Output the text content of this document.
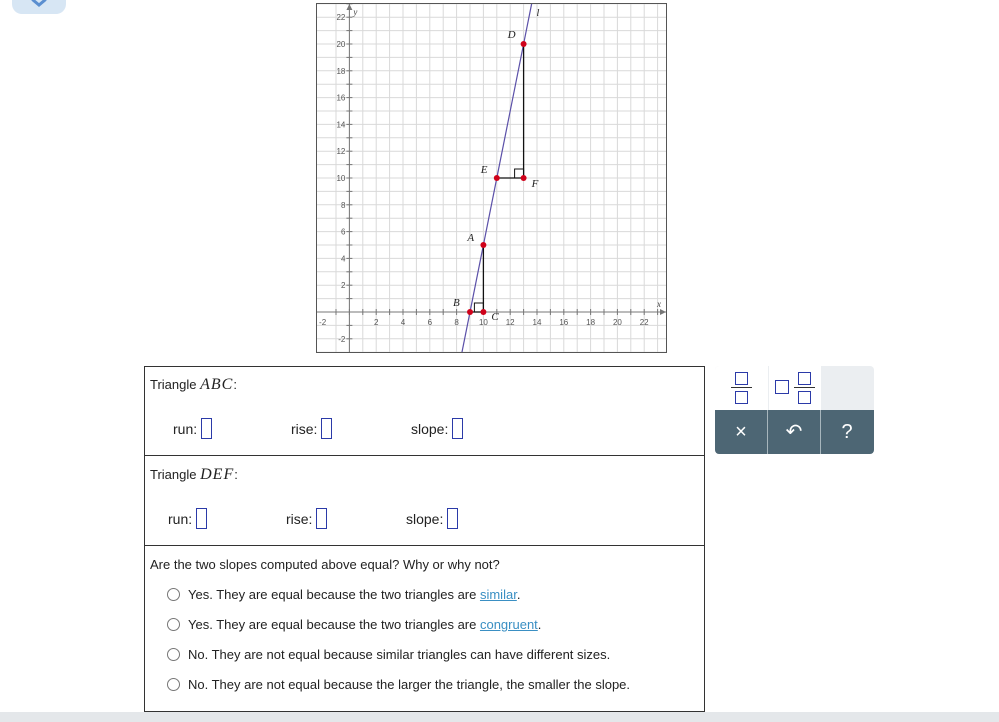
-2	2	4	6	8	10 12 14 16 18 20 22
22
20
18
16
14
12
10
8
6
4
2
-2
x
y	l
A
B
C
D
E
F
Triangle ABC:
run:	rise:	slope:
Triangle DEF:
run:	rise:	slope:
Are the two slopes computed above equal? Why or why not?
Yes. They are equal because the two triangles are similar.
Yes. They are equal because the two triangles are congruent.
No. They are not equal because similar triangles can have different sizes.
No. They are not equal because the larger the triangle, the smaller the slope.
×	↶	?
